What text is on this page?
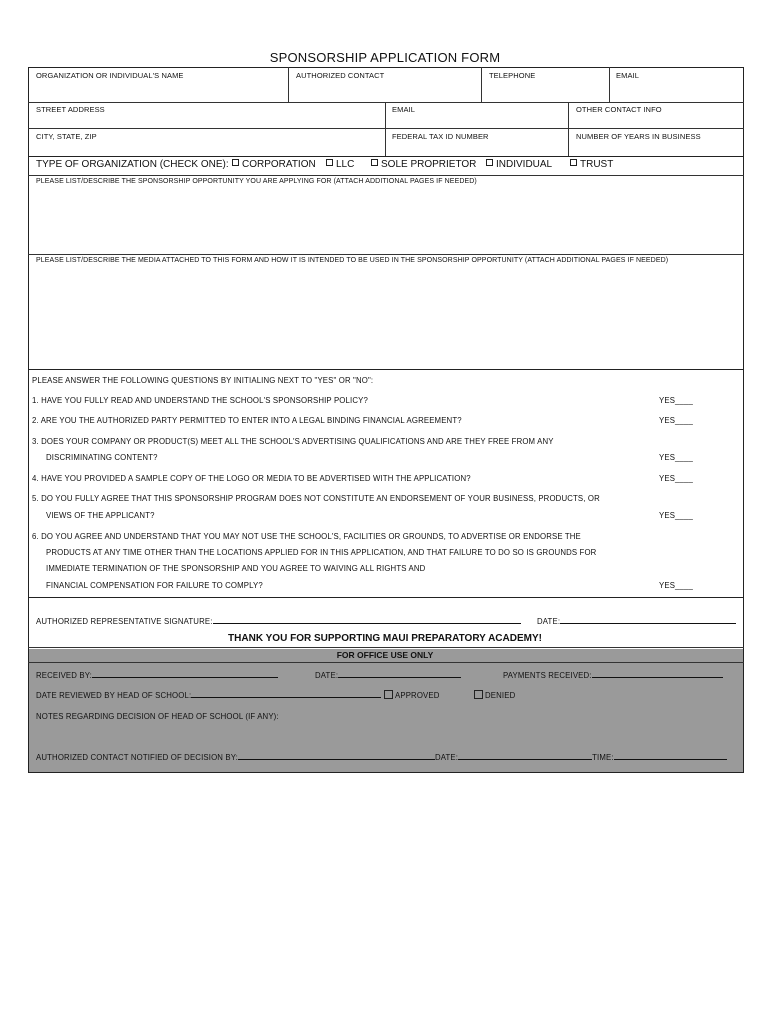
SPONSORSHIP APPLICATION FORM
ORGANIZATION OR INDIVIDUAL'S NAME	AUTHORIZED CONTACT	TELEPHONE	EMAIL
STREET ADDRESS	EMAIL	OTHER CONTACT INFO
CITY, STATE, ZIP	FEDERAL TAX ID NUMBER	NUMBER OF YEARS IN BUSINESS
TYPE OF ORGANIZATION (CHECK ONE):	CORPORATION	LLC	SOLE PROPRIETOR	INDIVIDUAL	TRUST
PLEASE LIST/DESCRIBE THE SPONSORSHIP OPPORTUNITY YOU ARE APPLYING FOR (ATTACH ADDITIONAL PAGES IF NEEDED)
PLEASE LIST/DESCRIBE THE MEDIA ATTACHED TO THIS FORM AND HOW IT IS INTENDED TO BE USED IN THE SPONSORSHIP OPPORTUNITY (ATTACH ADDITIONAL PAGES IF NEEDED)
PLEASE ANSWER THE FOLLOWING QUESTIONS BY INITIALING NEXT TO "YES" OR "NO":
1. HAVE YOU FULLY READ AND UNDERSTAND THE SCHOOL'S SPONSORSHIP POLICY?	YES____
2. ARE YOU THE AUTHORIZED PARTY PERMITTED TO ENTER INTO A LEGAL BINDING FINANCIAL AGREEMENT?	YES____
3. DOES YOUR COMPANY OR PRODUCT(S) MEET ALL THE SCHOOL'S ADVERTISING QUALIFICATIONS AND ARE THEY FREE FROM ANY
DISCRIMINATING CONTENT?	YES____
4. HAVE YOU PROVIDED A SAMPLE COPY OF THE LOGO OR MEDIA TO BE ADVERTISED WITH THE APPLICATION?	YES____
5. DO YOU FULLY AGREE THAT THIS SPONSORSHIP PROGRAM DOES NOT CONSTITUTE AN ENDORSEMENT OF YOUR BUSINESS, PRODUCTS, OR
VIEWS OF THE APPLICANT?	YES____
6. DO YOU AGREE AND UNDERSTAND THAT YOU MAY NOT USE THE SCHOOL'S, FACILITIES OR GROUNDS, TO ADVERTISE OR ENDORSE THE
PRODUCTS AT ANY TIME OTHER THAN THE LOCATIONS APPLIED FOR IN THIS APPLICATION, AND THAT FAILURE TO DO SO IS GROUNDS FOR
IMMEDIATE TERMINATION OF THE SPONSORSHIP AND YOU AGREE TO WAIVING ALL RIGHTS AND
FINANCIAL COMPENSATION FOR FAILURE TO COMPLY?	YES____
AUTHORIZED REPRESENTATIVE SIGNATURE:	DATE:
THANK YOU FOR SUPPORTING MAUI PREPARATORY ACADEMY!
FOR OFFICE USE ONLY
RECEIVED BY:	DATE:	PAYMENTS RECEIVED:
DATE REVIEWED BY HEAD OF SCHOOL:	APPROVED	DENIED
NOTES REGARDING DECISION OF HEAD OF SCHOOL (IF ANY):
AUTHORIZED CONTACT NOTIFIED OF DECISION BY:	DATE:	TIME:
